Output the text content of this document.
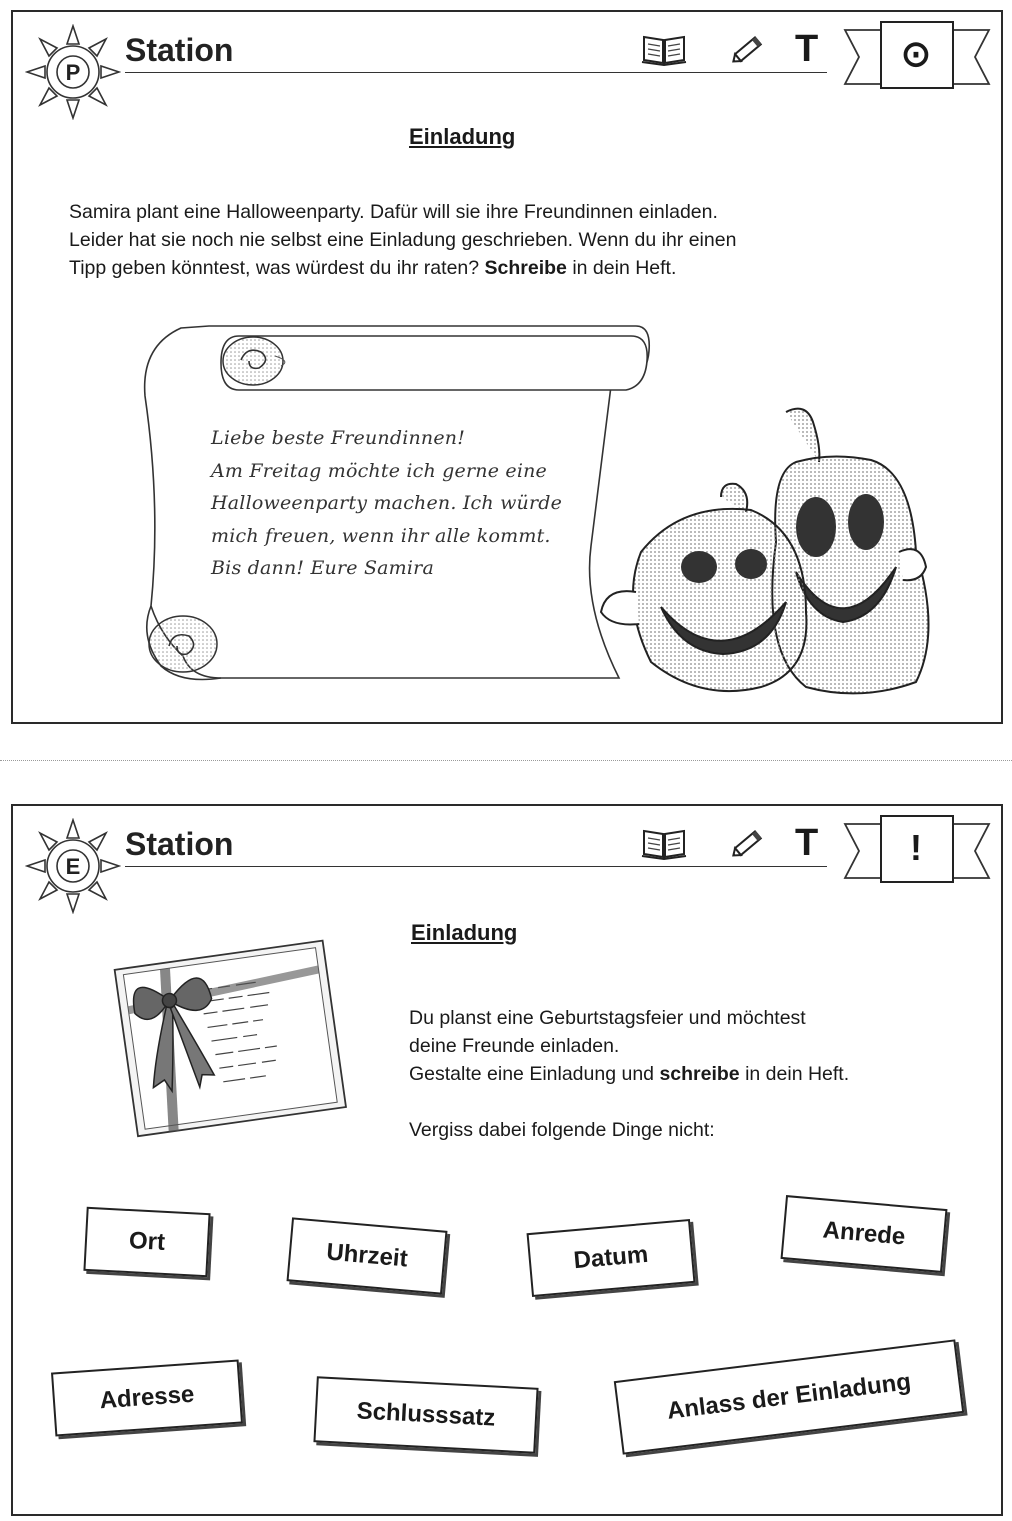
P
Station	T	⊙
Einladung
Samira plant eine Halloweenparty. Dafür will sie ihre Freundinnen einladen.
Leider hat sie noch nie selbst eine Einladung geschrieben. Wenn du ihr einen
Tipp geben könntest, was würdest du ihr raten? Schreibe in dein Heft.
Liebe beste Freundinnen!
Am Freitag möchte ich gerne eine
Halloweenparty machen. Ich würde
mich freuen, wenn ihr alle kommt.
Bis dann! Eure Samira
E
Station	T	!
Einladung
Du planst eine Geburtstagsfeier und möchtest
deine Freunde einladen.
Gestalte eine Einladung und schreibe in dein Heft.
Vergiss dabei folgende Dinge nicht:
Ort	Uhrzeit	Datum
Anrede
Adresse	Schlusssatz	Anlass der Einladung
